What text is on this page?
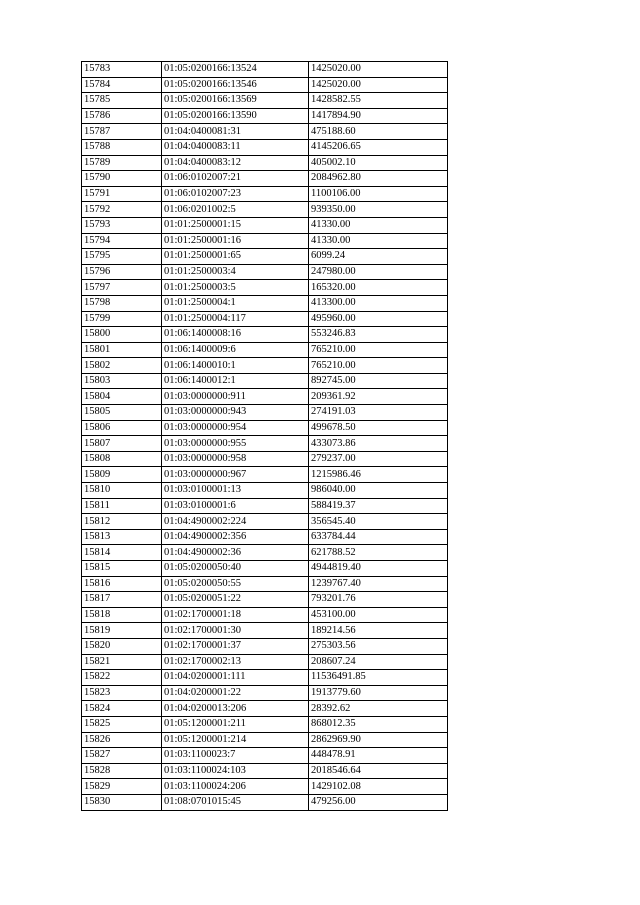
15783	01:05:0200166:13524	1425020.00
15784	01:05:0200166:13546	1425020.00
15785	01:05:0200166:13569	1428582.55
15786	01:05:0200166:13590	1417894.90
15787	01:04:0400081:31	475188.60
15788	01:04:0400083:11	4145206.65
15789	01:04:0400083:12	405002.10
15790	01:06:0102007:21	2084962.80
15791	01:06:0102007:23	1100106.00
15792	01:06:0201002:5	939350.00
15793	01:01:2500001:15	41330.00
15794	01:01:2500001:16	41330.00
15795	01:01:2500001:65	6099.24
15796	01:01:2500003:4	247980.00
15797	01:01:2500003:5	165320.00
15798	01:01:2500004:1	413300.00
15799	01:01:2500004:117	495960.00
15800	01:06:1400008:16	553246.83
15801	01:06:1400009:6	765210.00
15802	01:06:1400010:1	765210.00
15803	01:06:1400012:1	892745.00
15804	01:03:0000000:911	209361.92
15805	01:03:0000000:943	274191.03
15806	01:03:0000000:954	499678.50
15807	01:03:0000000:955	433073.86
15808	01:03:0000000:958	279237.00
15809	01:03:0000000:967	1215986.46
15810	01:03:0100001:13	986040.00
15811	01:03:0100001:6	588419.37
15812	01:04:4900002:224	356545.40
15813	01:04:4900002:356	633784.44
15814	01:04:4900002:36	621788.52
15815	01:05:0200050:40	4944819.40
15816	01:05:0200050:55	1239767.40
15817	01:05:0200051:22	793201.76
15818	01:02:1700001:18	453100.00
15819	01:02:1700001:30	189214.56
15820	01:02:1700001:37	275303.56
15821	01:02:1700002:13	208607.24
15822	01:04:0200001:111	11536491.85
15823	01:04:0200001:22	1913779.60
15824	01:04:0200013:206	28392.62
15825	01:05:1200001:211	868012.35
15826	01:05:1200001:214	2862969.90
15827	01:03:1100023:7	448478.91
15828	01:03:1100024:103	2018546.64
15829	01:03:1100024:206	1429102.08
15830	01:08:0701015:45	479256.00
